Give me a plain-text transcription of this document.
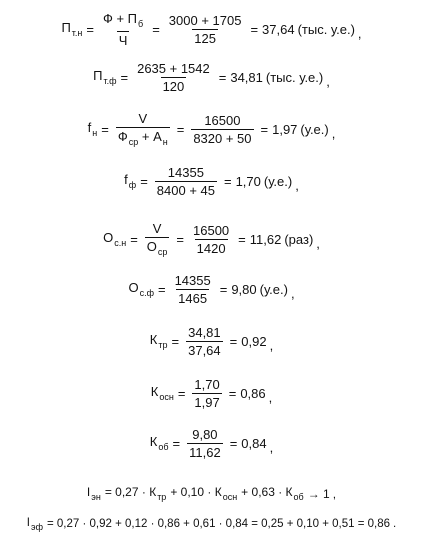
$П_{т.н} = \frac{Ф + П_б}{Ч} = \frac{3000 + 1705}{125} = 37,64$ (тыс. у.е.) ,
$П_{т.ф} = \frac{2635 + 1542}{120} = 34,81$ (тыс. у.е.) ,
$f_н = \frac{V}{Ф_{ср} + А_н} = \frac{16500}{8320 + 50} = 1,97$ (у.е.) ,
$f_ф = \frac{14355}{8400 + 45} = 1,70$ (у.е.) ,
$О_{с.н} = \frac{V}{О_{ср}} = \frac{16500}{1420} = 11,62$ (раз) ,
$О_{с.ф} = \frac{14355}{1465} = 9,80$ (у.е.) ,
$К_{тр} = \frac{34,81}{37,64} = 0,92$ ,
$К_{осн} = \frac{1,70}{1,97} = 0,86$ ,
$К_{об} = \frac{9,80}{11,62} = 0,84$ ,
$I_{эн} = 0,27 \cdot К_{тр} + 0,10 \cdot К_{осн} + 0,63 \cdot К_{об} \to 1$ ,
$I_{эф} = 0,27 \cdot 0,92 + 0,12 \cdot 0,86 + 0,61 \cdot 0,84 = 0,25 + 0,10 + 0,51 = 0,86$ .
